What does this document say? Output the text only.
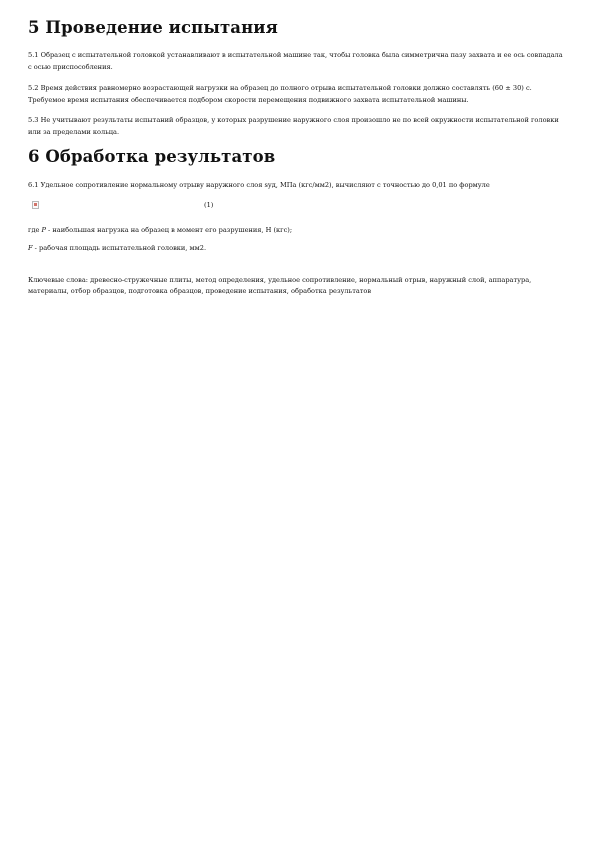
5 Проведение испытания

5.1 Образец с испытательной головкой устанавливают в испытательной машине так, чтобы головка была симметрична пазу захвата и ее ось совпадала с осью приспособления.

5.2 Время действия равномерно возрастающей нагрузки на образец до полного отрыва испытательной головки должно составлять (60 ± 30) с. Требуемое время испытания обеспечивается подбором скорости перемещения подвижного захвата испытательной машины.

5.3 Не учитывают результаты испытаний образцов, у которых разрушение наружного слоя произошло не по всей окружности испытательной головки или за пределами кольца.

6 Обработка результатов

6.1 Удельное сопротивление нормальному отрыву наружного слоя sуд, МПа (кгс/мм2), вычисляют с точностью до 0,01 по формуле

(1)

где P - наибольшая нагрузка на образец в момент его разрушения, Н (кгс);

F - рабочая площадь испытательной головки, мм2.

Ключевые слова: древесно-стружечные плиты, метод определения, удельное сопротивление, нормальный отрыв, наружный слой, аппаратура, материалы, отбор образцов, подготовка образцов, проведение испытания, обработка результатов
